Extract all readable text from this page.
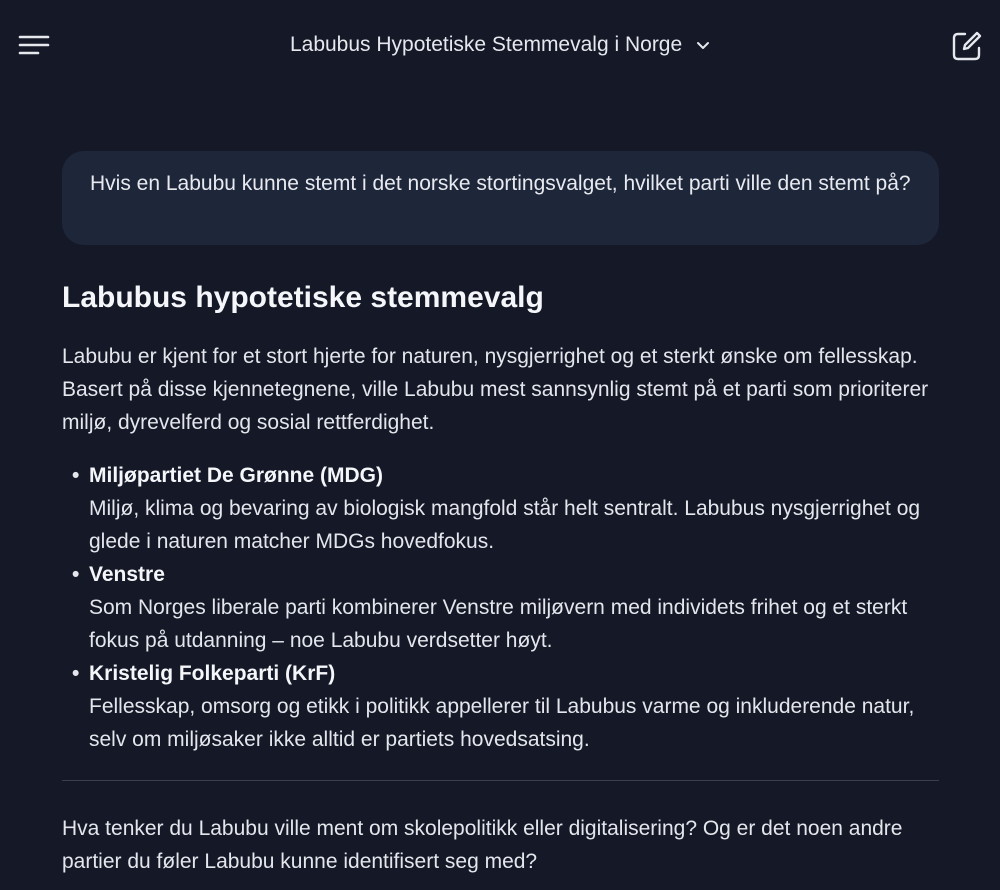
Labubus Hypotetiske Stemmevalg i Norge
Hvis en Labubu kunne stemt i det norske stortingsvalget, hvilket parti ville den stemt på?
Labubus hypotetiske stemmevalg

Labubu er kjent for et stort hjerte for naturen, nysgjerrighet og et sterkt ønske om fellesskap. Basert på disse kjennetegnene, ville Labubu mest sannsynlig stemt på et parti som prioriterer miljø, dyrevelferd og sosial rettferdighet.

• Miljøpartiet De Grønne (MDG)
Miljø, klima og bevaring av biologisk mangfold står helt sentralt. Labubus nysgjerrighet og glede i naturen matcher MDGs hovedfokus.
• Venstre
Som Norges liberale parti kombinerer Venstre miljøvern med individets frihet og et sterkt fokus på utdanning – noe Labubu verdsetter høyt.
• Kristelig Folkeparti (KrF)
Fellesskap, omsorg og etikk i politikk appellerer til Labubus varme og inkluderende natur, selv om miljøsaker ikke alltid er partiets hovedsatsing.

Hva tenker du Labubu ville ment om skolepolitikk eller digitalisering? Og er det noen andre partier du føler Labubu kunne identifisert seg med?
